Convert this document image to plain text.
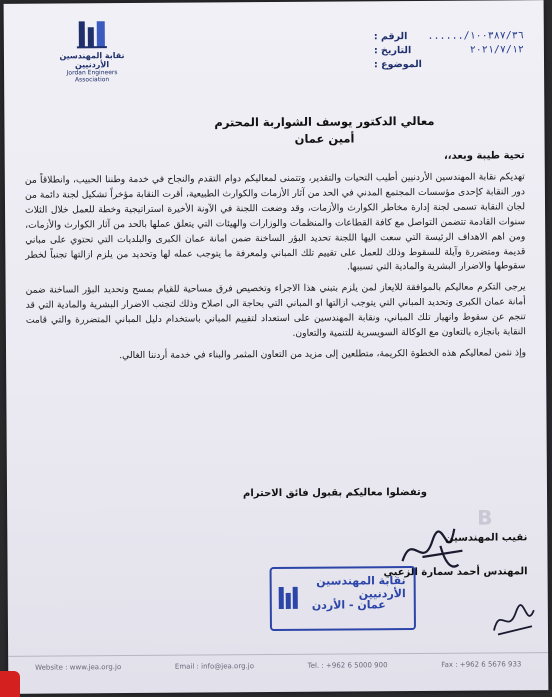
نقابة المهندسين الأردنيين
Jordan Engineers Association
الرقم : ١٠٠٣٨٧/٣٦/......
التاريخ :	٢٠٢١/٧/١٢
الموضوع :
معالي الدكتور يوسف الشواربة المحترم
أمين عمان
تحية طيبة وبعد،،

تهديكم نقابة المهندسين الأردنيين أطيب التحيات والتقدير، وتتمنى لمعاليكم دوام التقدم والنجاح في خدمة وطننا الحبيب، وانطلاقاً من دور النقابة كإحدى مؤسسات المجتمع المدني في الحد من آثار الأزمات والكوارث الطبيعية، أقرت النقابة مؤخراً تشكيل لجنة دائمة من لجان النقابة تسمى لجنة إدارة مخاطر الكوارث والأزمات، وقد وضعت اللجنة في الآونة الأخيرة استراتيجية وخطة للعمل خلال الثلاث سنوات القادمة تتضمن التواصل مع كافة القطاعات والمنظمات والوزارات والهيئات التي يتعلق عملها بالحد من آثار الكوارث والأزمات، ومن اهم الاهداف الرئيسة التي سعت اليها اللجنة تحديد البؤر الساخنة ضمن امانة عمان الكبرى والبلديات التي تحتوي على مباني قديمة ومتضررة وآيلة للسقوط وذلك للعمل على تقييم تلك المباني ولمعرفة ما يتوجب عمله لها وتحديد من يلزم ازالتها تجنباً لخطر سقوطها والاضرار البشرية والمادية التي تسببها.

يرجى التكرم معاليكم بالموافقة للايعاز لمن يلزم بتبني هذا الاجراء وتخصيص فرق مساحية للقيام بمسح وتحديد البؤر الساخنة ضمن أمانة عمان الكبرى وتحديد المباني التي يتوجب ازالتها او المباني التي بحاجة الى اصلاح وذلك لتجنب الاضرار البشرية والمادية التي قد تنجم عن سقوط وانهيار تلك المباني، ونقابة المهندسين على استعداد لتقييم المباني باستخدام دليل المباني المتضررة والتي قامت النقابة بانجازه بالتعاون مع الوكالة السويسرية للتنمية والتعاون.

وإذ نثمن لمعاليكم هذه الخطوة الكريمة، متطلعين إلى مزيد من التعاون المثمر والبناء في خدمة أردننا الغالي.

وتفضلوا معاليكم بقبول فائق الاحترام
B
نقيب المهندسين
المهندس أحمد سمارة الزعبي
نقابة المهندسين الأردنيين
عمان - الأردن
Website : www.jea.org.jo	Email : info@jea.org.jo	Tel. : +962 6 5000 900	Fax : +962 6 5676 933
